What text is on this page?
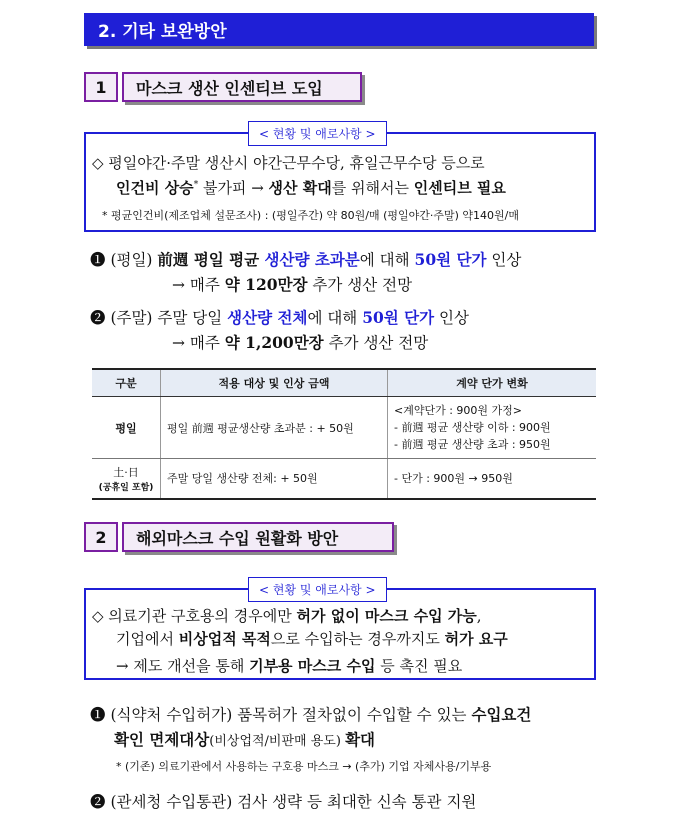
2. 기타 보완방안
1 마스크 생산 인센티브 도입
< 현황 및 애로사항 >
◇ 평일야간·주말 생산시 야간근무수당, 휴일근무수당 등으로
인건비 상승* 불가피 → 생산 확대를 위해서는 인센티브 필요
* 평균인건비(제조업체 설문조사) : (평일주간) 약 80원/매 (평일야간·주말) 약140원/매
❶ (평일) 前週 평일 평균 생산량 초과분에 대해 50원 단가 인상
→ 매주 약 120만장 추가 생산 전망
❷ (주말) 주말 당일 생산량 전체에 대해 50원 단가 인상
→ 매주 약 1,200만장 추가 생산 전망
구분	적용 대상 및 인상 금액	계약 단가 변화
평일	평일 前週 평균생산량 초과분 : + 50원	<계약단가 : 900원 가정>
- 前週 평균 생산량 이하 : 900원
- 前週 평균 생산량 초과 : 950원

土·日
(공휴일 포함)	주말 당일 생산량 전체: + 50원	- 단가 : 900원 → 950원
2 해외마스크 수입 원활화 방안
< 현황 및 애로사항 >
◇ 의료기관 구호용의 경우에만 허가 없이 마스크 수입 가능,
기업에서 비상업적 목적으로 수입하는 경우까지도 허가 요구
→ 제도 개선을 통해 기부용 마스크 수입 등 촉진 필요
❶ (식약처 수입허가) 품목허가 절차없이 수입할 수 있는 수입요건
확인 면제대상(비상업적/비판매 용도) 확대
* (기존) 의료기관에서 사용하는 구호용 마스크 → (추가) 기업 자체사용/기부용
❷ (관세청 수입통관) 검사 생략 등 최대한 신속 통관 지원
